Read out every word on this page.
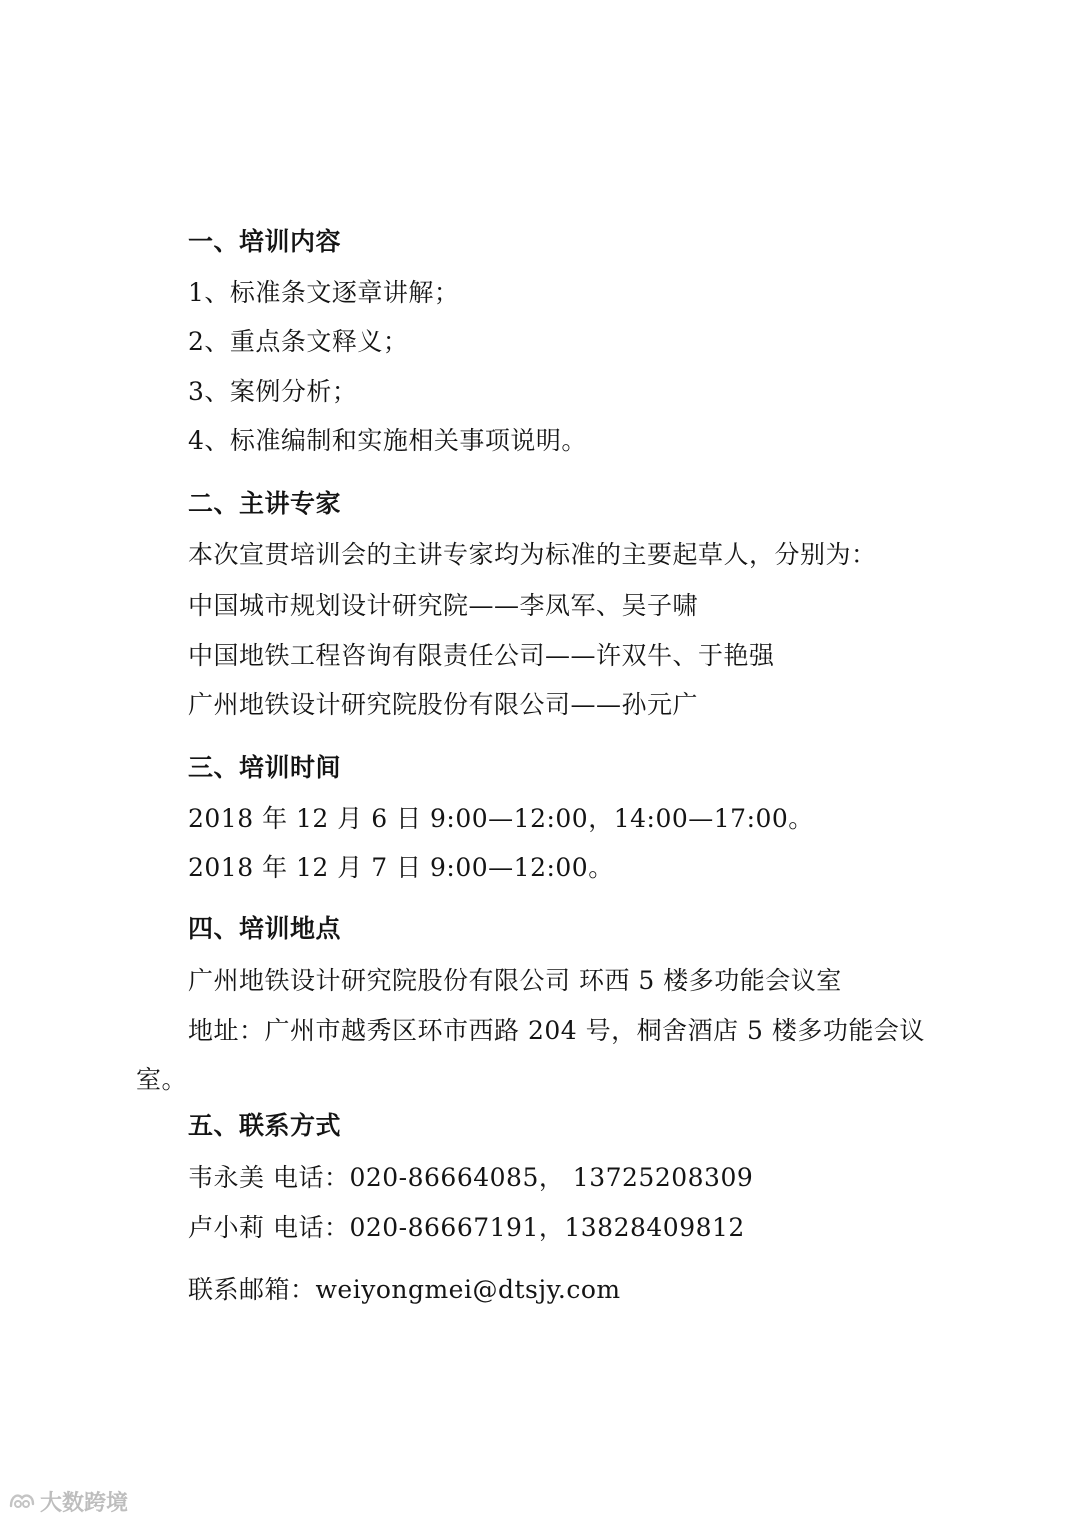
一、培训内容
1、标准条文逐章讲解；
2、重点条文释义；
3、案例分析；
4、标准编制和实施相关事项说明。
二、主讲专家
本次宣贯培训会的主讲专家均为标准的主要起草人，分别为：
中国城市规划设计研究院——李凤军、吴子啸
中国地铁工程咨询有限责任公司——许双牛、于艳强
广州地铁设计研究院股份有限公司——孙元广
三、培训时间
2018 年 12 月 6 日 9:00—12:00，14:00—17:00。
2018 年 12 月 7 日 9:00—12:00。
四、培训地点
广州地铁设计研究院股份有限公司 环西 5 楼多功能会议室
地址：广州市越秀区环市西路 204 号，桐舍酒店 5 楼多功能会议
室。
五、联系方式
韦永美 电话：020-86664085， 13725208309
卢小莉 电话：020-86667191，13828409812
联系邮箱：weiyongmei@dtsjy.com
大数跨境
